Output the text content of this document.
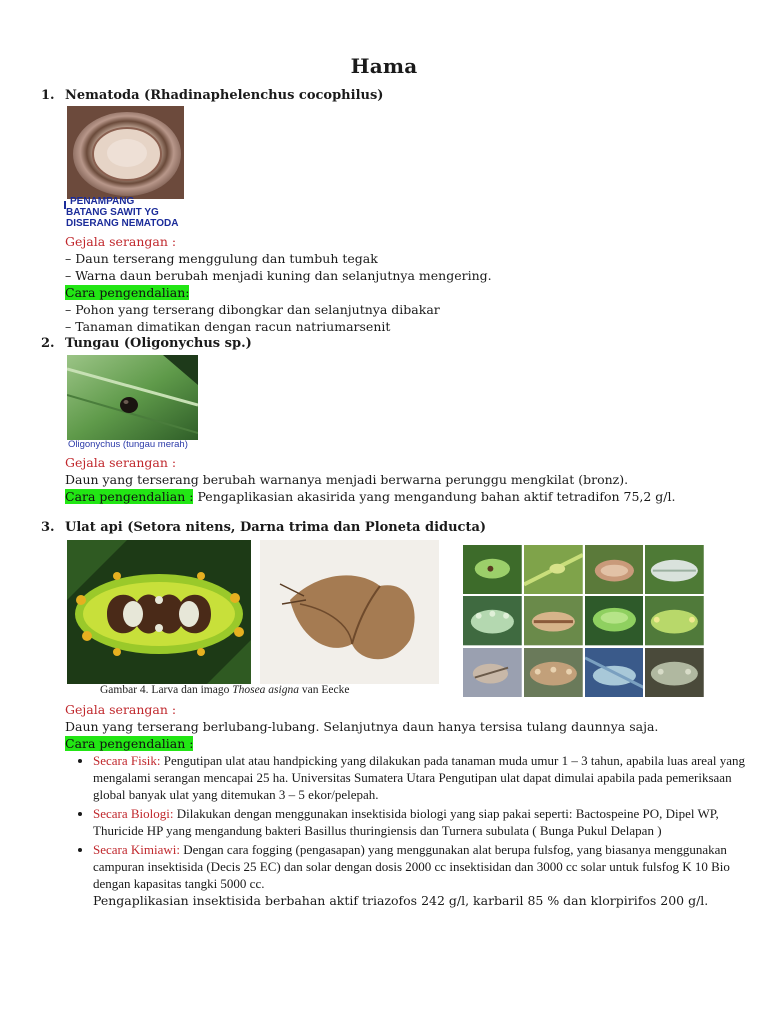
Hama
1. Nematoda (Rhadinaphelenchus cocophilus)
PENAMPANG
BATANG SAWIT YG
DISERANG NEMATODA
Gejala serangan :
– Daun terserang menggulung dan tumbuh tegak
– Warna daun berubah menjadi kuning dan selanjutnya mengering.
Cara pengendalian:
– Pohon yang terserang dibongkar dan selanjutnya dibakar
– Tanaman dimatikan dengan racun natriumarsenit
2. Tungau (Oligonychus sp.)
Oligonychus (tungau merah)
Gejala serangan :
Daun yang terserang berubah warnanya menjadi berwarna perunggu mengkilat (bronz).
Cara pengendalian : Pengaplikasian akasirida yang mengandung bahan aktif tetradifon 75,2 g/l.
3. Ulat api (Setora nitens, Darna trima dan Ploneta diducta)
Gambar 4. Larva dan imago Thosea asigna van Eecke
Gejala serangan :
Daun yang terserang berlubang-lubang. Selanjutnya daun hanya tersisa tulang daunnya saja.
Cara pengendalian :
• Secara Fisik: Pengutipan ulat atau handpicking yang dilakukan pada tanaman muda umur 1 – 3 tahun, apabila luas areal yang mengalami serangan mencapai 25 ha. Universitas Sumatera Utara Pengutipan ulat dapat dimulai apabila pada pemeriksaan global banyak ulat yang ditemukan 3 – 5 ekor/pelepah.
• Secara Biologi: Dilakukan dengan menggunakan insektisida biologi yang siap pakai seperti: Bactospeine PO, Dipel WP, Thuricide HP yang mengandung bakteri Basillus thuringiensis dan Turnera subulata ( Bunga Pukul Delapan )
• Secara Kimiawi: Dengan cara fogging (pengasapan) yang menggunakan alat berupa fulsfog, yang biasanya menggunakan campuran insektisida (Decis 25 EC) dan solar dengan dosis 2000 cc insektisidan dan 3000 cc solar untuk fulsfog K 10 Bio dengan kapasitas tangki 5000 cc.
Pengaplikasian insektisida berbahan aktif triazofos 242 g/l, karbaril 85 % dan klorpirifos 200 g/l.
